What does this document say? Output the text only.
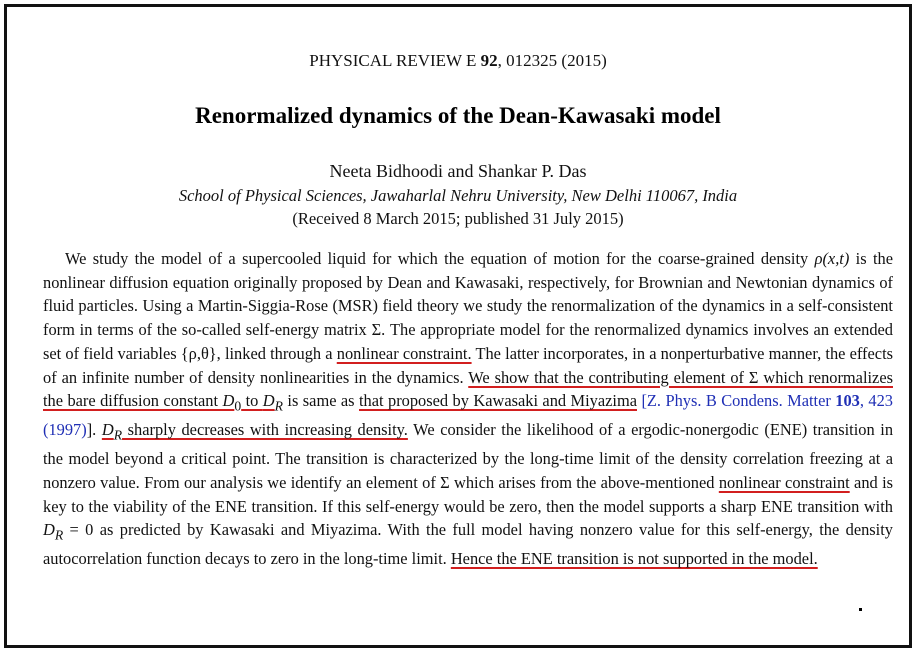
PHYSICAL REVIEW E 92, 012325 (2015)
Renormalized dynamics of the Dean-Kawasaki model
Neeta Bidhoodi and Shankar P. Das
School of Physical Sciences, Jawaharlal Nehru University, New Delhi 110067, India
(Received 8 March 2015; published 31 July 2015)

We study the model of a supercooled liquid for which the equation of motion for the coarse-grained density ρ(x,t) is the nonlinear diffusion equation originally proposed by Dean and Kawasaki, respectively, for Brownian and Newtonian dynamics of fluid particles. Using a Martin-Siggia-Rose (MSR) field theory we study the renormalization of the dynamics in a self-consistent form in terms of the so-called self-energy matrix Σ. The appropriate model for the renormalized dynamics involves an extended set of field variables {ρ,θ}, linked through a nonlinear constraint. The latter incorporates, in a nonperturbative manner, the effects of an infinite number of density nonlinearities in the dynamics. We show that the contributing element of Σ which renormalizes the bare diffusion constant $D_0$ to $D_R$ is same as that proposed by Kawasaki and Miyazima [Z. Phys. B Condens. Matter 103, 423 (1997)]. $D_R$ sharply decreases with increasing density. We consider the likelihood of a ergodic-nonergodic (ENE) transition in the model beyond a critical point. The transition is characterized by the long-time limit of the density correlation freezing at a nonzero value. From our analysis we identify an element of Σ which arises from the above-mentioned nonlinear constraint and is key to the viability of the ENE transition. If this self-energy would be zero, then the model supports a sharp ENE transition with $D_R = 0$ as predicted by Kawasaki and Miyazima. With the full model having nonzero value for this self-energy, the density autocorrelation function decays to zero in the long-time limit. Hence the ENE transition is not supported in the model.
